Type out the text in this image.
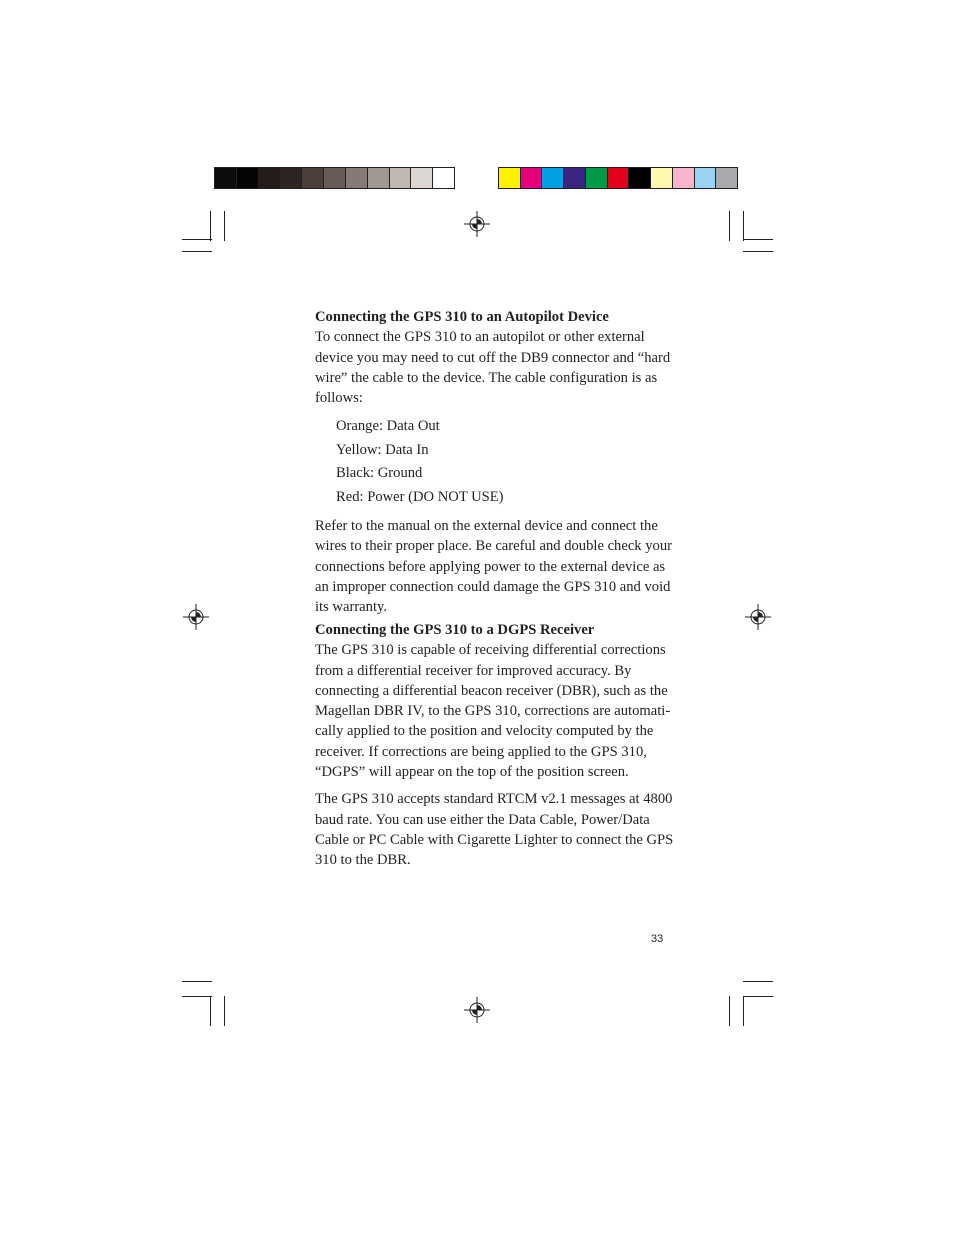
Connecting the GPS 310 to an Autopilot Device

To connect the GPS 310 to an autopilot or other external device you may need to cut off the DB9 connector and “hard wire” the cable to the device. The cable configuration is as follows:

Orange: Data Out
Yellow: Data In
Black: Ground
Red: Power (DO NOT USE)

Refer to the manual on the external device and connect the wires to their proper place. Be careful and double check your connections before applying power to the external device as an improper connection could damage the GPS 310 and void its warranty.

Connecting the GPS 310 to a DGPS Receiver

The GPS 310 is capable of receiving differential corrections from a differential receiver for improved accuracy. By connecting a differential beacon receiver (DBR), such as the Magellan DBR IV, to the GPS 310, corrections are automati-cally applied to the position and velocity computed by the receiver. If corrections are being applied to the GPS 310, “DGPS” will appear on the top of the position screen.

The GPS 310 accepts standard RTCM v2.1 messages at 4800 baud rate. You can use either the Data Cable, Power/Data Cable or PC Cable with Cigarette Lighter to connect the GPS 310 to the DBR.

33
